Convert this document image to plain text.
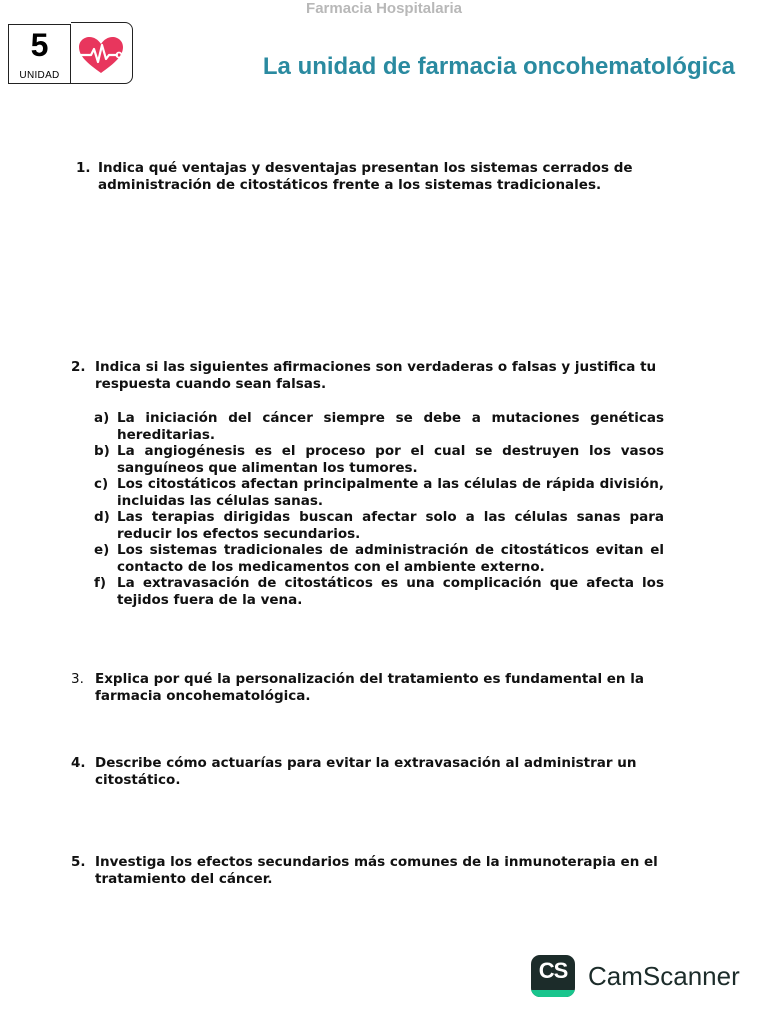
Farmacia Hospitalaria
5
UNIDAD	La unidad de farmacia oncohematológica
1. Indica qué ventajas y desventajas presentan los sistemas cerrados de administración de citostáticos frente a los sistemas tradicionales.
2. Indica si las siguientes afirmaciones son verdaderas o falsas y justifica tu respuesta cuando sean falsas.
a) La iniciación del cáncer siempre se debe a mutaciones genéticas hereditarias.
b) La angiogénesis es el proceso por el cual se destruyen los vasos sanguíneos que alimentan los tumores.
c) Los citostáticos afectan principalmente a las células de rápida división, incluidas las células sanas.
d) Las terapias dirigidas buscan afectar solo a las células sanas para reducir los efectos secundarios.
e) Los sistemas tradicionales de administración de citostáticos evitan el contacto de los medicamentos con el ambiente externo.
f) La extravasación de citostáticos es una complicación que afecta los tejidos fuera de la vena.
3. Explica por qué la personalización del tratamiento es fundamental en la farmacia oncohematológica.
4. Describe cómo actuarías para evitar la extravasación al administrar un citostático.
5. Investiga los efectos secundarios más comunes de la inmunoterapia en el tratamiento del cáncer.
CS CamScanner
